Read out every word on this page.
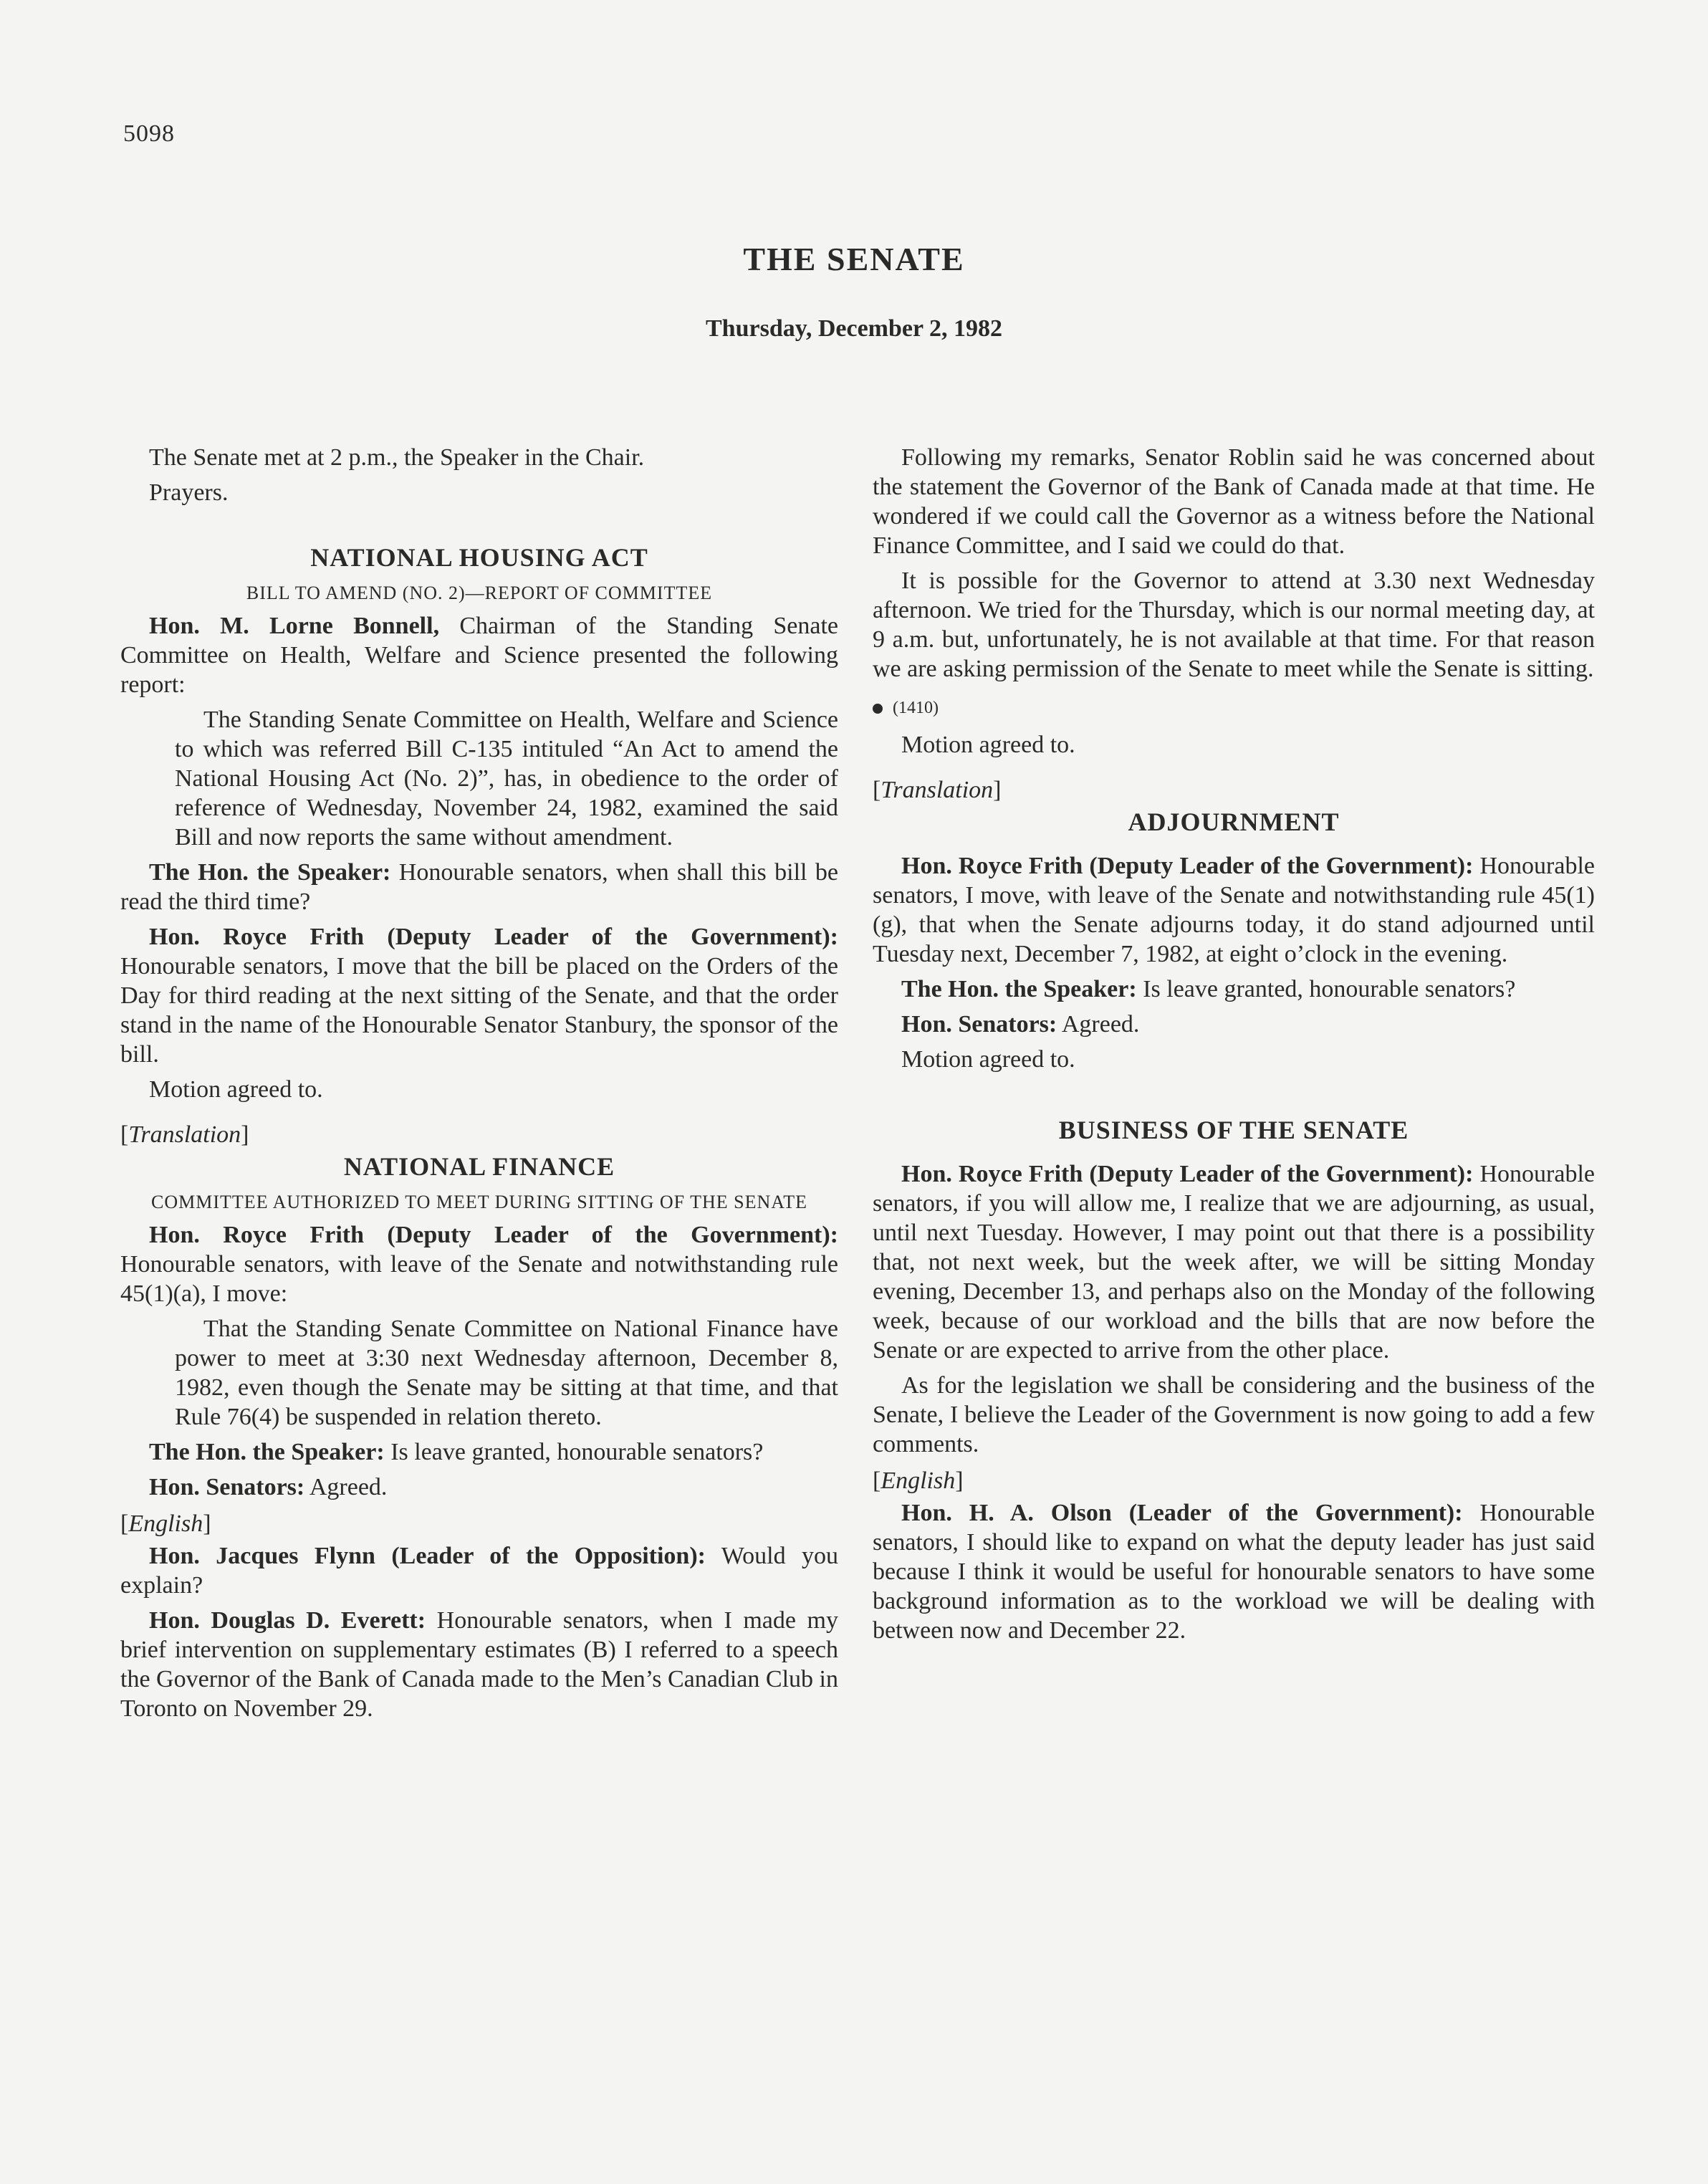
5098
THE SENATE
Thursday, December 2, 1982

The Senate met at 2 p.m., the Speaker in the Chair.

Prayers.

NATIONAL HOUSING ACT
BILL TO AMEND (NO. 2)—REPORT OF COMMITTEE

Hon. M. Lorne Bonnell, Chairman of the Standing Senate Committee on Health, Welfare and Science presented the following report:

The Standing Senate Committee on Health, Welfare and Science to which was referred Bill C-135 intituled “An Act to amend the National Housing Act (No. 2)”, has, in obedience to the order of reference of Wednesday, November 24, 1982, examined the said Bill and now reports the same without amendment.

The Hon. the Speaker: Honourable senators, when shall this bill be read the third time?

Hon. Royce Frith (Deputy Leader of the Government): Honourable senators, I move that the bill be placed on the Orders of the Day for third reading at the next sitting of the Senate, and that the order stand in the name of the Honourable Senator Stanbury, the sponsor of the bill.

Motion agreed to.

[Translation]
NATIONAL FINANCE
COMMITTEE AUTHORIZED TO MEET DURING SITTING OF THE SENATE

Hon. Royce Frith (Deputy Leader of the Government): Honourable senators, with leave of the Senate and notwithstanding rule 45(1)(a), I move:

That the Standing Senate Committee on National Finance have power to meet at 3:30 next Wednesday afternoon, December 8, 1982, even though the Senate may be sitting at that time, and that Rule 76(4) be suspended in relation thereto.

The Hon. the Speaker: Is leave granted, honourable senators?

Hon. Senators: Agreed.

[English]

Hon. Jacques Flynn (Leader of the Opposition): Would you explain?

Hon. Douglas D. Everett: Honourable senators, when I made my brief intervention on supplementary estimates (B) I referred to a speech the Governor of the Bank of Canada made to the Men’s Canadian Club in Toronto on November 29.

Following my remarks, Senator Roblin said he was concerned about the statement the Governor of the Bank of Canada made at that time. He wondered if we could call the Governor as a witness before the National Finance Committee, and I said we could do that.

It is possible for the Governor to attend at 3.30 next Wednesday afternoon. We tried for the Thursday, which is our normal meeting day, at 9 a.m. but, unfortunately, he is not available at that time. For that reason we are asking permission of the Senate to meet while the Senate is sitting.

(1410)

Motion agreed to.

[Translation]
ADJOURNMENT

Hon. Royce Frith (Deputy Leader of the Government): Honourable senators, I move, with leave of the Senate and notwithstanding rule 45(1)(g), that when the Senate adjourns today, it do stand adjourned until Tuesday next, December 7, 1982, at eight o’clock in the evening.

The Hon. the Speaker: Is leave granted, honourable senators?

Hon. Senators: Agreed.

Motion agreed to.

BUSINESS OF THE SENATE

Hon. Royce Frith (Deputy Leader of the Government): Honourable senators, if you will allow me, I realize that we are adjourning, as usual, until next Tuesday. However, I may point out that there is a possibility that, not next week, but the week after, we will be sitting Monday evening, December 13, and perhaps also on the Monday of the following week, because of our workload and the bills that are now before the Senate or are expected to arrive from the other place.

As for the legislation we shall be considering and the business of the Senate, I believe the Leader of the Government is now going to add a few comments.

[English]

Hon. H. A. Olson (Leader of the Government): Honourable senators, I should like to expand on what the deputy leader has just said because I think it would be useful for honourable senators to have some background information as to the workload we will be dealing with between now and December 22.
